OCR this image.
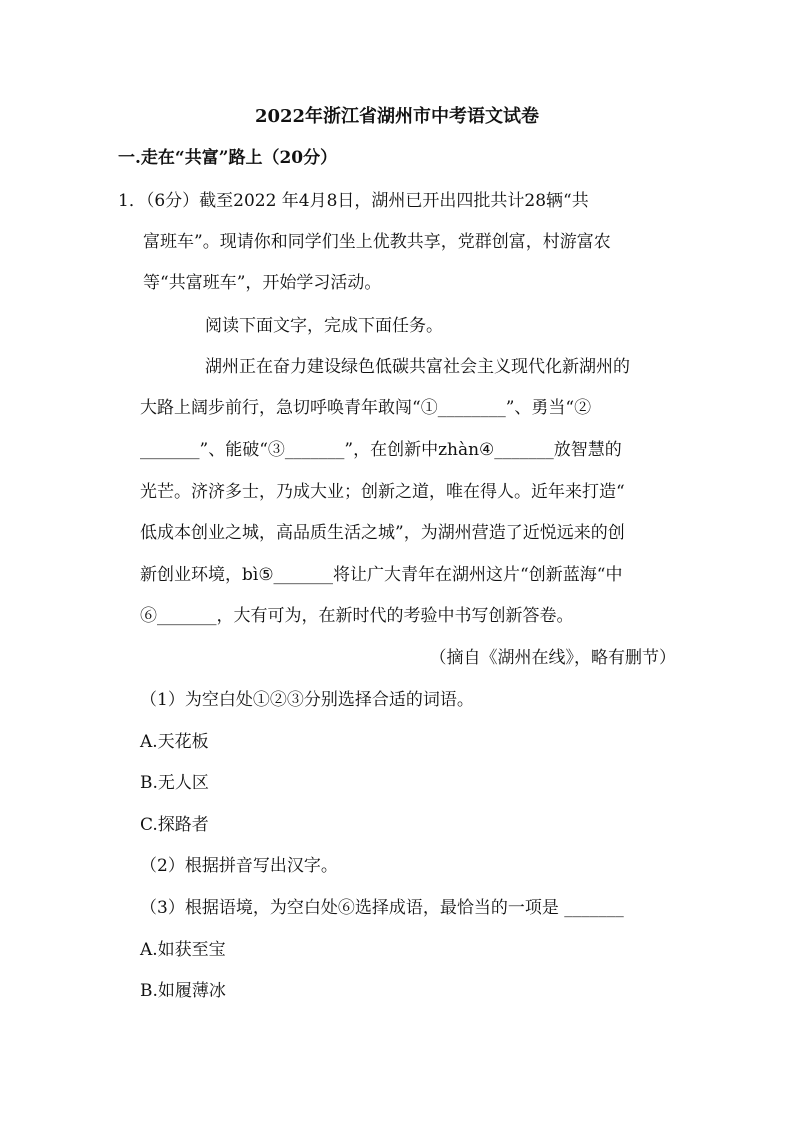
2022年浙江省湖州市中考语文试卷
一.走在“共富”路上（20分）
1．（6分）截至2022 年4月8日，湖州已开出四批共计28辆“共
富班车”。现请你和同学们坐上优教共享，党群创富，村游富农
等“共富班车”，开始学习活动。
阅读下面文字，完成下面任务。
湖州正在奋力建设绿色低碳共富社会主义现代化新湖州的
大路上阔步前行，急切呼唤青年敢闯“①________”、勇当“②
_______”、能破“③_______”，在创新中zhàn④_______放智慧的
光芒。济济多士，乃成大业；创新之道，唯在得人。近年来打造“
低成本创业之城，高品质生活之城”，为湖州营造了近悦远来的创
新创业环境，bì⑤_______将让广大青年在湖州这片“创新蓝海“中
⑥_______，大有可为，在新时代的考验中书写创新答卷。
（摘自《湖州在线》，略有删节）
（1）为空白处①②③分别选择合适的词语。
A.天花板
B.无人区
C.探路者
（2）根据拼音写出汉字。
（3）根据语境，为空白处⑥选择成语，最恰当的一项是 _______
A.如获至宝
B.如履薄冰
